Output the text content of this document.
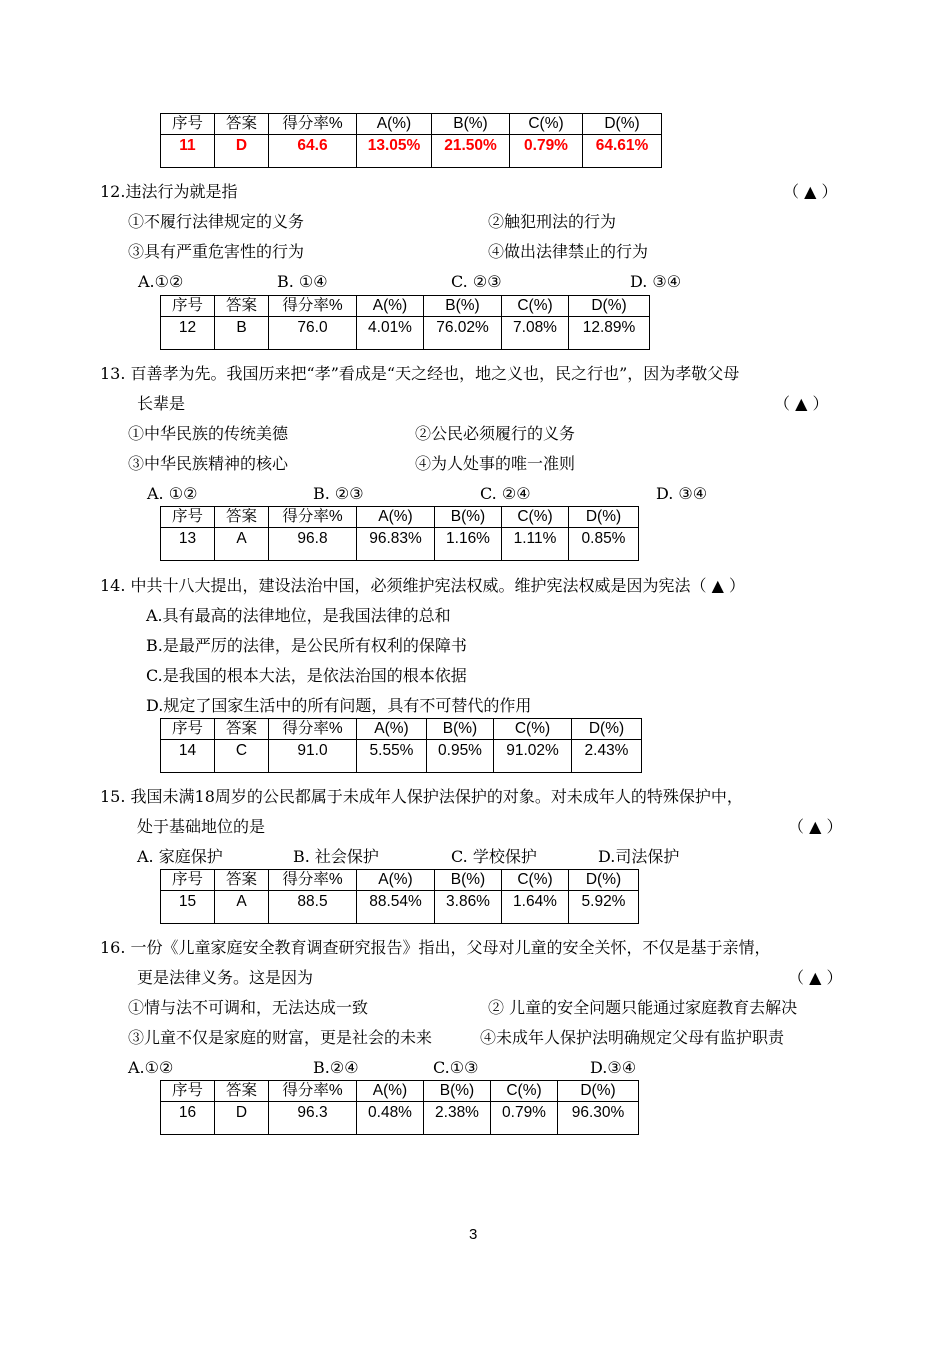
序号	答案	得分率%	A(%)	B(%)	C(%)	D(%)
11	D	64.6	13.05%	21.50%	0.79%	64.61%
12.违法行为就是指	（ ▲ ）
①不履行法律规定的义务	②触犯刑法的行为
③具有严重危害性的行为	④做出法律禁止的行为
A.①②	B. ①④	C. ②③	D. ③④
序号	答案	得分率%	A(%)	B(%)	C(%)	D(%)
12	B	76.0	4.01%	76.02%	7.08%	12.89%
13. 百善孝为先。我国历来把“孝”看成是“天之经也，地之义也，民之行也”，因为孝敬父母
长辈是	（ ▲ ）
①中华民族的传统美德	②公民必须履行的义务
③中华民族精神的核心	④为人处事的唯一准则
A. ①②	B. ②③	C. ②④	D. ③④
序号	答案	得分率%	A(%)	B(%)	C(%)	D(%)
13	A	96.8	96.83%	1.16%	1.11%	0.85%
14. 中共十八大提出，建设法治中国，必须维护宪法权威。维护宪法权威是因为宪法（ ▲ ）
A.具有最高的法律地位，是我国法律的总和
B.是最严厉的法律，是公民所有权利的保障书
C.是我国的根本大法，是依法治国的根本依据
D.规定了国家生活中的所有问题，具有不可替代的作用
序号	答案	得分率%	A(%)	B(%)	C(%)	D(%)
14	C	91.0	5.55%	0.95%	91.02%	2.43%
15. 我国未满18周岁的公民都属于未成年人保护法保护的对象。对未成年人的特殊保护中，
处于基础地位的是	（ ▲ ）
A. 家庭保护	B. 社会保护	C. 学校保护	D.司法保护
序号	答案	得分率%	A(%)	B(%)	C(%)	D(%)
15	A	88.5	88.54%	3.86%	1.64%	5.92%
16. 一份《儿童家庭安全教育调查研究报告》指出，父母对儿童的安全关怀，不仅是基于亲情，
更是法律义务。这是因为	（ ▲ ）
①情与法不可调和，无法达成一致	② 儿童的安全问题只能通过家庭教育去解决
③儿童不仅是家庭的财富，更是社会的未来	④未成年人保护法明确规定父母有监护职责
A.①②	B.②④	C.①③	D.③④
序号	答案	得分率%	A(%)	B(%)	C(%)	D(%)
16	D	96.3	0.48%	2.38%	0.79%	96.30%
3
